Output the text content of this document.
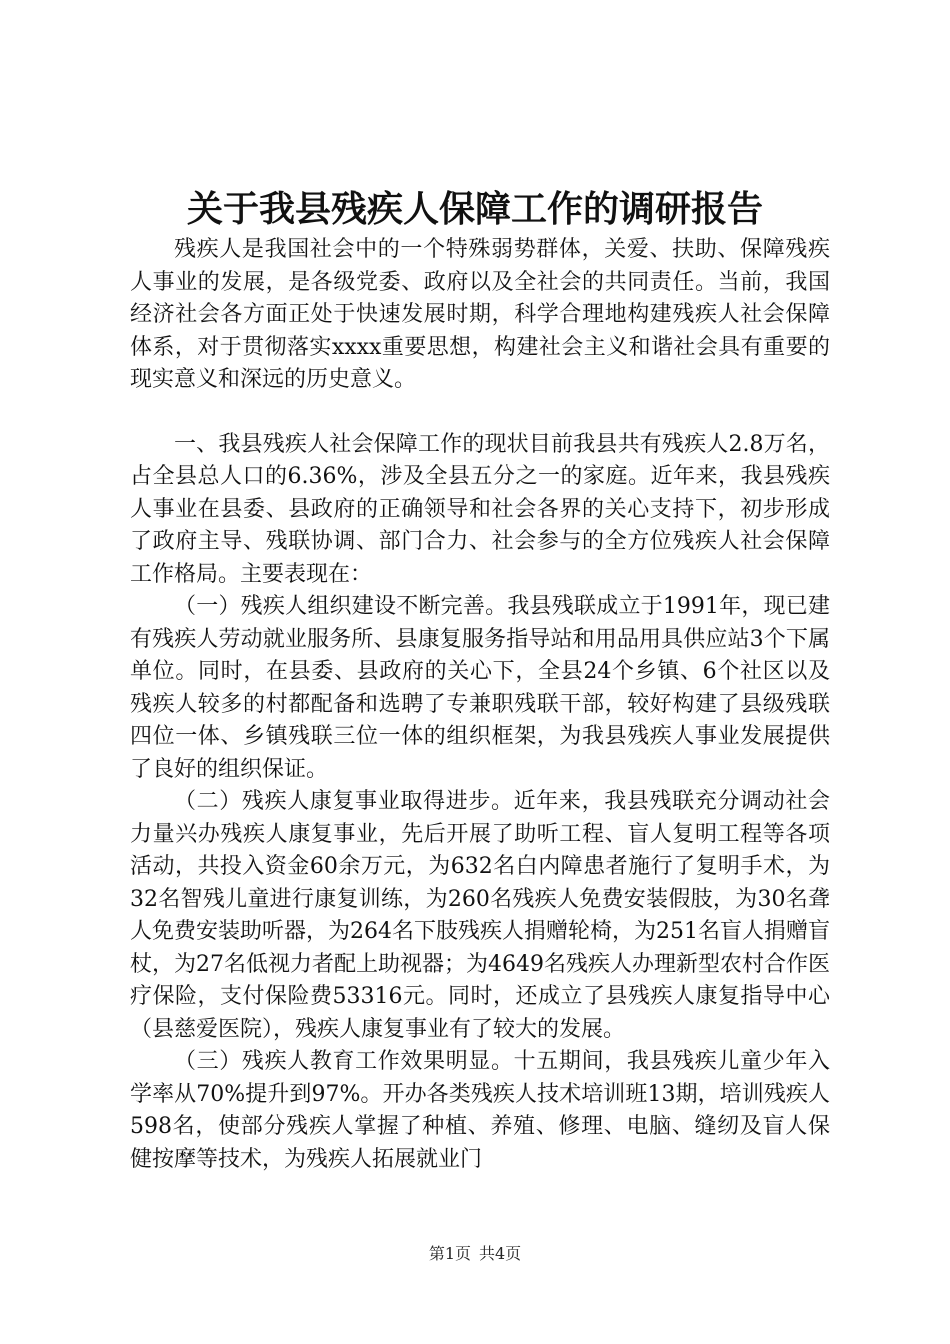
关于我县残疾人保障工作的调研报告

残疾人是我国社会中的一个特殊弱势群体，关爱、扶助、保障残疾人事业的发展，是各级党委、政府以及全社会的共同责任。当前，我国经济社会各方面正处于快速发展时期，科学合理地构建残疾人社会保障体系，对于贯彻落实xxxx重要思想，构建社会主义和谐社会具有重要的现实意义和深远的历史意义。

一、我县残疾人社会保障工作的现状目前我县共有残疾人2.8万名，占全县总人口的6.36%，涉及全县五分之一的家庭。近年来，我县残疾人事业在县委、县政府的正确领导和社会各界的关心支持下，初步形成了政府主导、残联协调、部门合力、社会参与的全方位残疾人社会保障工作格局。主要表现在：

（一）残疾人组织建设不断完善。我县残联成立于1991年，现已建有残疾人劳动就业服务所、县康复服务指导站和用品用具供应站3个下属单位。同时，在县委、县政府的关心下，全县24个乡镇、6个社区以及残疾人较多的村都配备和选聘了专兼职残联干部，较好构建了县级残联四位一体、乡镇残联三位一体的组织框架，为我县残疾人事业发展提供了良好的组织保证。

（二）残疾人康复事业取得进步。近年来，我县残联充分调动社会力量兴办残疾人康复事业，先后开展了助听工程、盲人复明工程等各项活动，共投入资金60余万元，为632名白内障患者施行了复明手术，为32名智残儿童进行康复训练，为260名残疾人免费安装假肢，为30名聋人免费安装助听器，为264名下肢残疾人捐赠轮椅，为251名盲人捐赠盲杖，为27名低视力者配上助视器；为4649名残疾人办理新型农村合作医疗保险，支付保险费53316元。同时，还成立了县残疾人康复指导中心（县慈爱医院），残疾人康复事业有了较大的发展。

（三）残疾人教育工作效果明显。十五期间，我县残疾儿童少年入学率从70%提升到97%。开办各类残疾人技术培训班13期，培训残疾人598名，使部分残疾人掌握了种植、养殖、修理、电脑、缝纫及盲人保健按摩等技术，为残疾人拓展就业门

第1页 共4页
